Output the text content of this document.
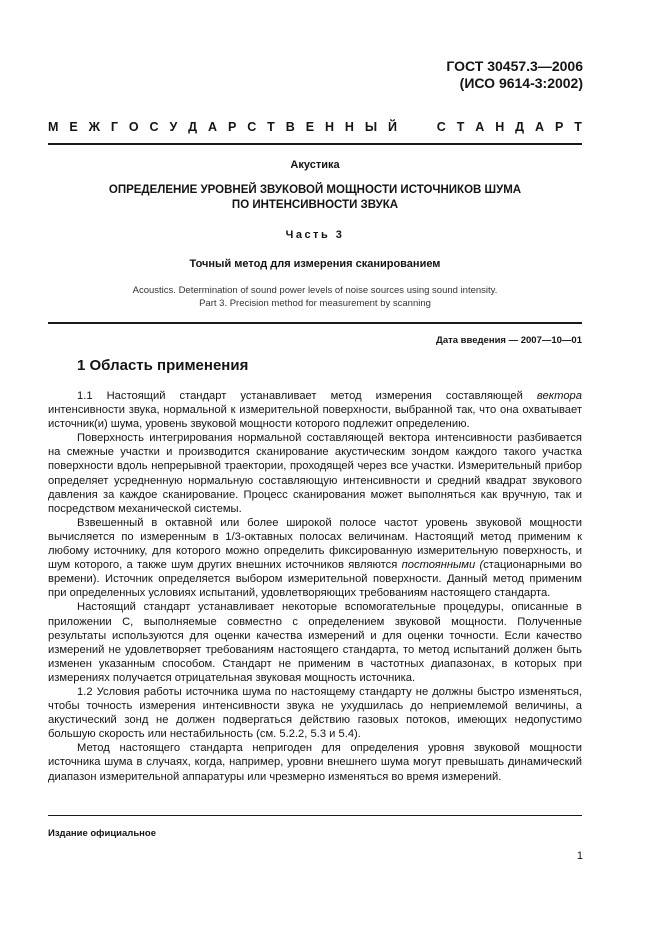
ГОСТ 30457.3—2006
(ИСО 9614-3:2002)
М Е Ж Г О С У Д А Р С Т В Е Н Н Ы Й

	С Т А Н Д А Р Т
Акустика
ОПРЕДЕЛЕНИЕ УРОВНЕЙ ЗВУКОВОЙ МОЩНОСТИ ИСТОЧНИКОВ ШУМА
ПО ИНТЕНСИВНОСТИ ЗВУКА
Часть 3
Точный метод для измерения сканированием
Acoustics. Determination of sound power levels of noise sources using sound intensity.
Part 3. Precision method for measurement by scanning
Дата введения — 2007—10—01
1 Область применения

1.1 Настоящий стандарт устанавливает метод измерения составляющей вектора интенсивности звука, нормальной к измерительной поверхности, выбранной так, что она охватывает источник(и) шума, уровень звуковой мощности которого подлежит определению.

Поверхность интегрирования нормальной составляющей вектора интенсивности разбивается на смежные участки и производится сканирование акустическим зондом каждого такого участка поверхности вдоль непрерывной траектории, проходящей через все участки. Измерительный прибор определяет усредненную нормальную составляющую интенсивности и средний квадрат звукового давления за каждое сканирование. Процесс сканирования может выполняться как вручную, так и посредством механической системы.

Взвешенный в октавной или более широкой полосе частот уровень звуковой мощности вычисляется по измеренным в 1/3-октавных полосах величинам. Настоящий метод применим к любому источнику, для которого можно определить фиксированную измерительную поверхность, и шум которого, а также шум других внешних источников являются постоянными (стационарными во времени). Источник определяется выбором измерительной поверхности. Данный метод применим при определенных условиях испытаний, удовлетворяющих требованиям настоящего стандарта.

Настоящий стандарт устанавливает некоторые вспомогательные процедуры, описанные в приложении С, выполняемые совместно с определением звуковой мощности. Полученные результаты используются для оценки качества измерений и для оценки точности. Если качество измерений не удовлетворяет требованиям настоящего стандарта, то метод испытаний должен быть изменен указанным способом. Стандарт не применим в частотных диапазонах, в которых при измерениях получается отрицательная звуковая мощность источника.

1.2 Условия работы источника шума по настоящему стандарту не должны быстро изменяться, чтобы точность измерения интенсивности звука не ухудшилась до неприемлемой величины, а акустический зонд не должен подвергаться действию газовых потоков, имеющих недопустимо большую скорость или нестабильность (см. 5.2.2, 5.3 и 5.4).

Метод настоящего стандарта непригоден для определения уровня звуковой мощности источника шума в случаях, когда, например, уровни внешнего шума могут превышать динамический диапазон измерительной аппаратуры или чрезмерно изменяться во время измерений.

Издание официальное
1
